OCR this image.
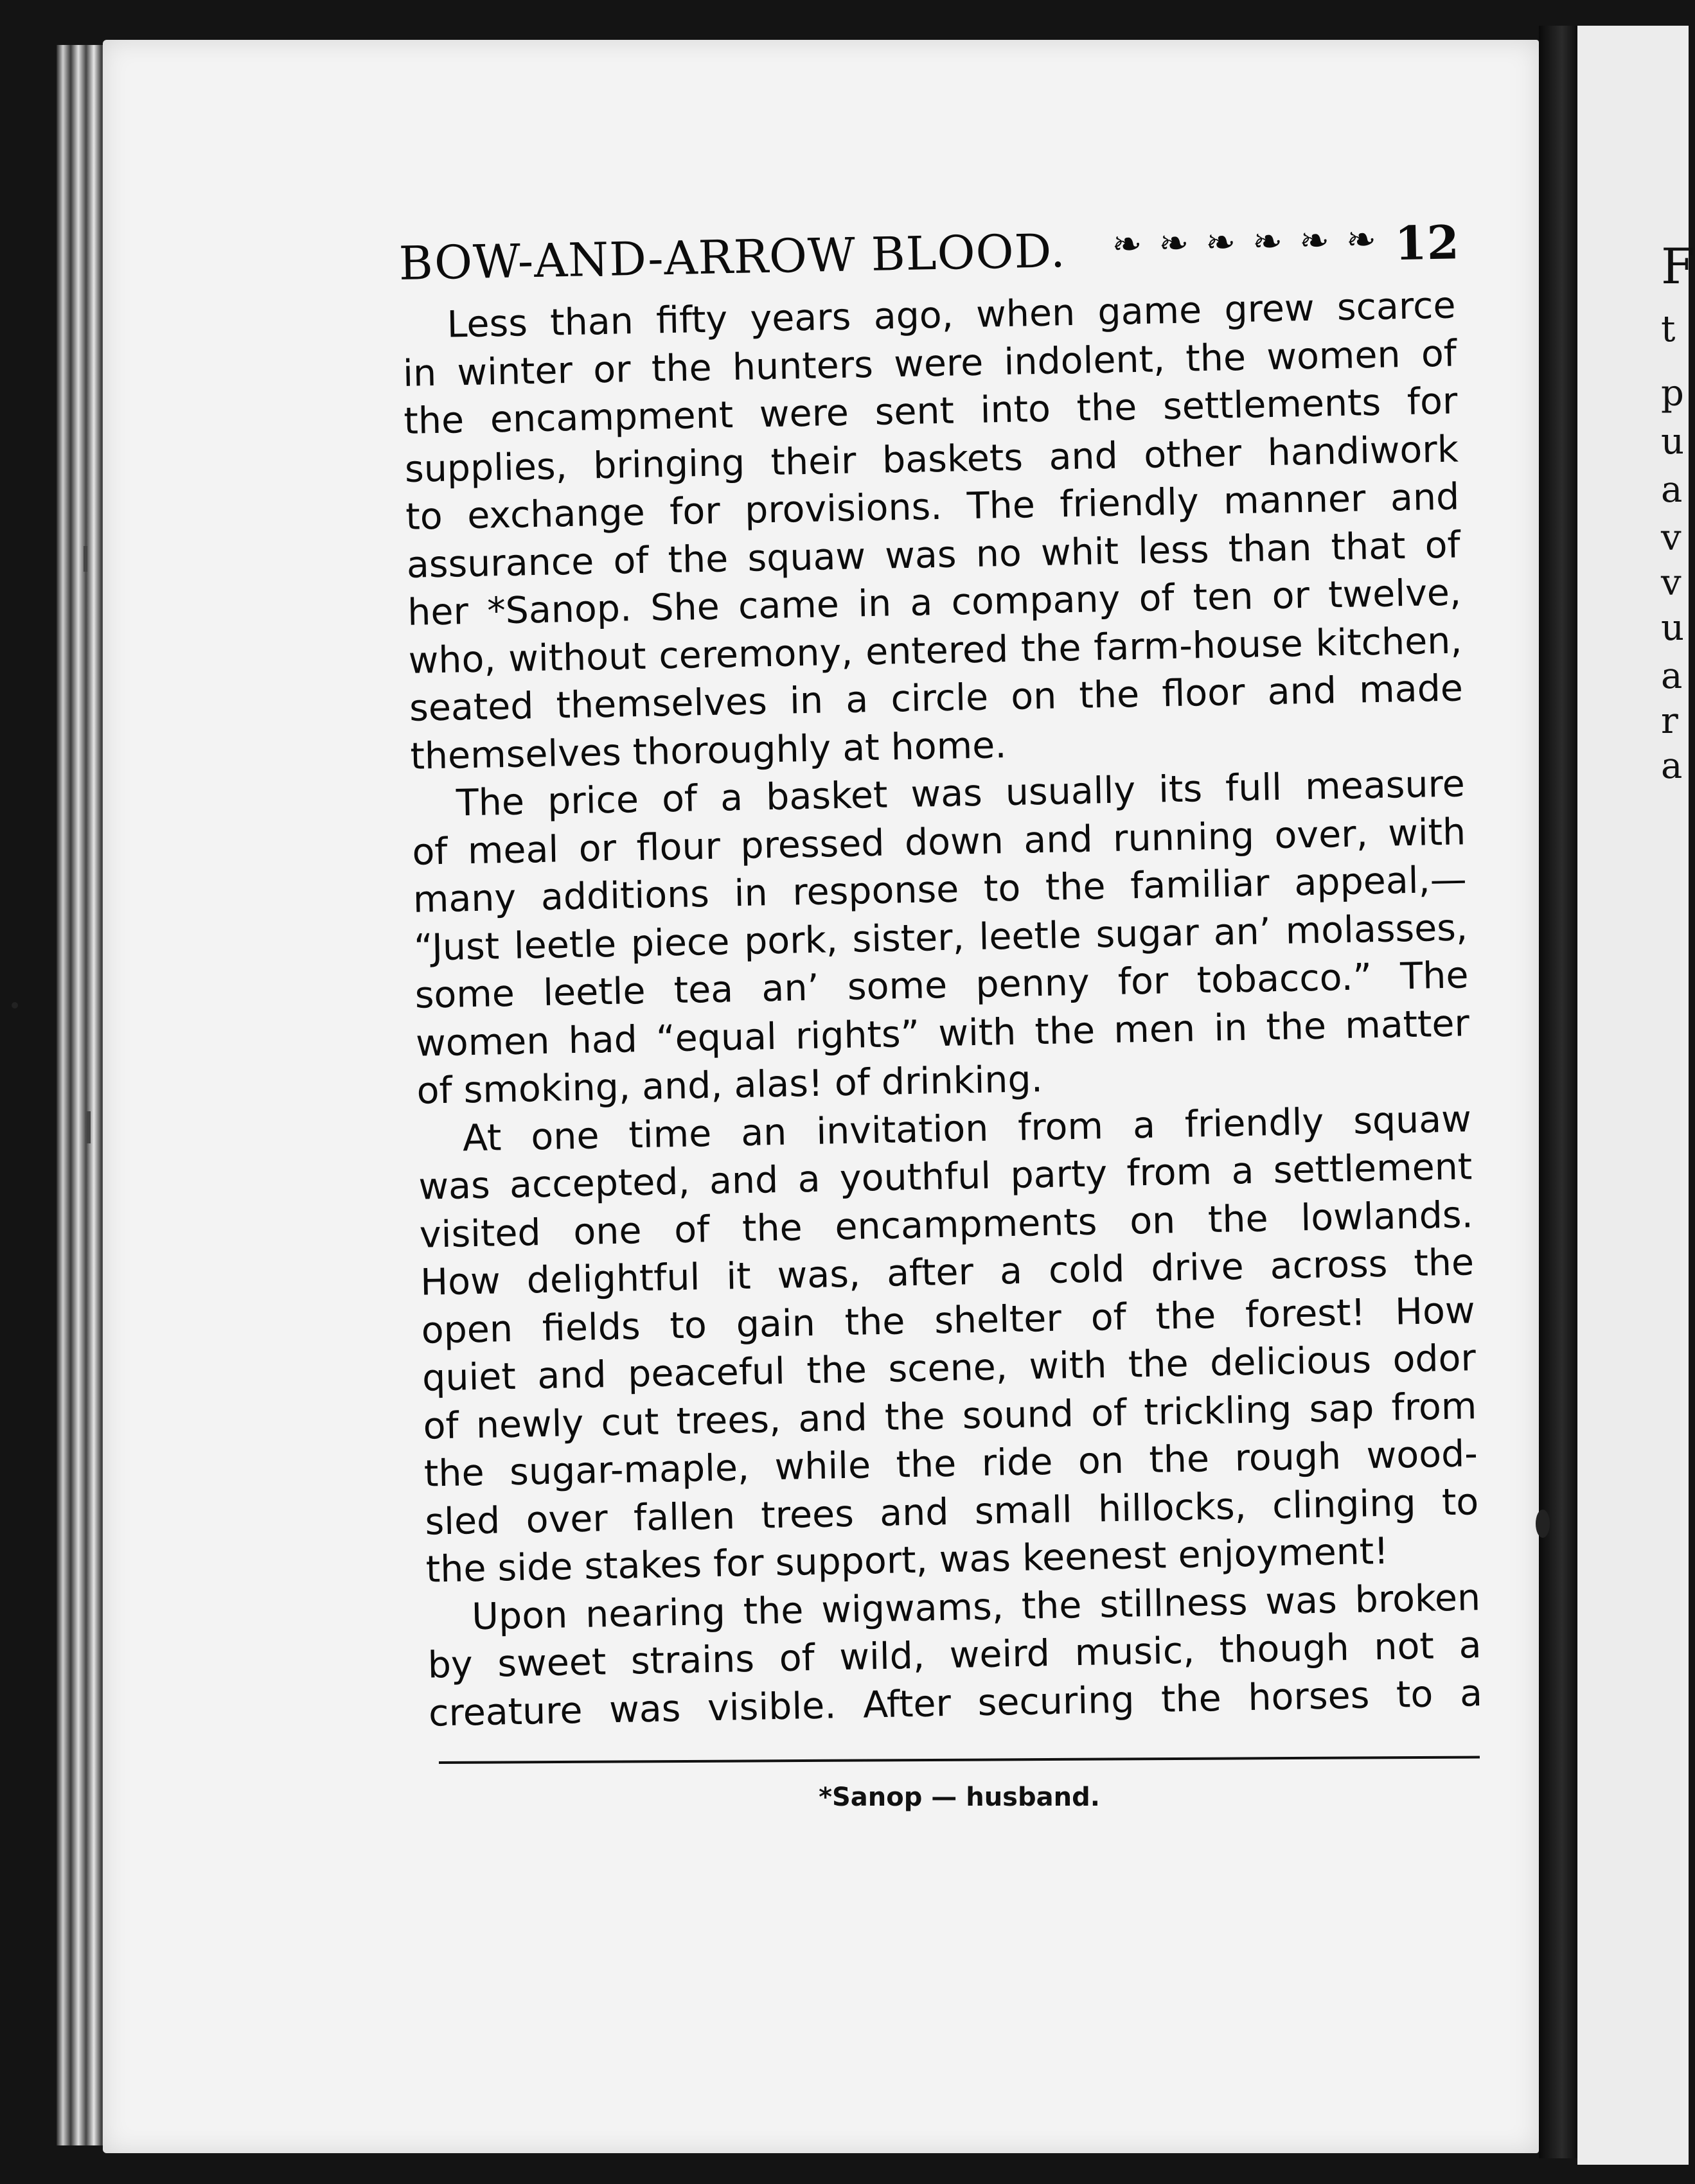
F
t
p
u
a
v
v
u
a
r
a
BOW-AND-ARROW BLOOD. ❧❧❧❧❧❧ 12
Less than fifty years ago, when game grew scarce
in winter or the hunters were indolent, the women of
the encampment were sent into the settlements for
supplies, bringing their baskets and other handiwork
to exchange for provisions. The friendly manner and
assurance of the squaw was no whit less than that of
her *Sanop. She came in a company of ten or twelve,
who, without ceremony, entered the farm-house kitchen,
seated themselves in a circle on the floor and made
themselves thoroughly at home.
The price of a basket was usually its full measure
of meal or flour pressed down and running over, with
many additions in response to the familiar appeal,—
“Just leetle piece pork, sister, leetle sugar an’ molasses,
some leetle tea an’ some penny for tobacco.” The
women had “equal rights” with the men in the matter
of smoking, and, alas! of drinking.
At one time an invitation from a friendly squaw
was accepted, and a youthful party from a settlement
visited one of the encampments on the lowlands.
How delightful it was, after a cold drive across the
open fields to gain the shelter of the forest! How
quiet and peaceful the scene, with the delicious odor
of newly cut trees, and the sound of trickling sap from
the sugar-maple, while the ride on the rough wood-
sled over fallen trees and small hillocks, clinging to
the side stakes for support, was keenest enjoyment!
Upon nearing the wigwams, the stillness was broken
by sweet strains of wild, weird music, though not a
creature was visible. After securing the horses to a
*Sanop — husband.
